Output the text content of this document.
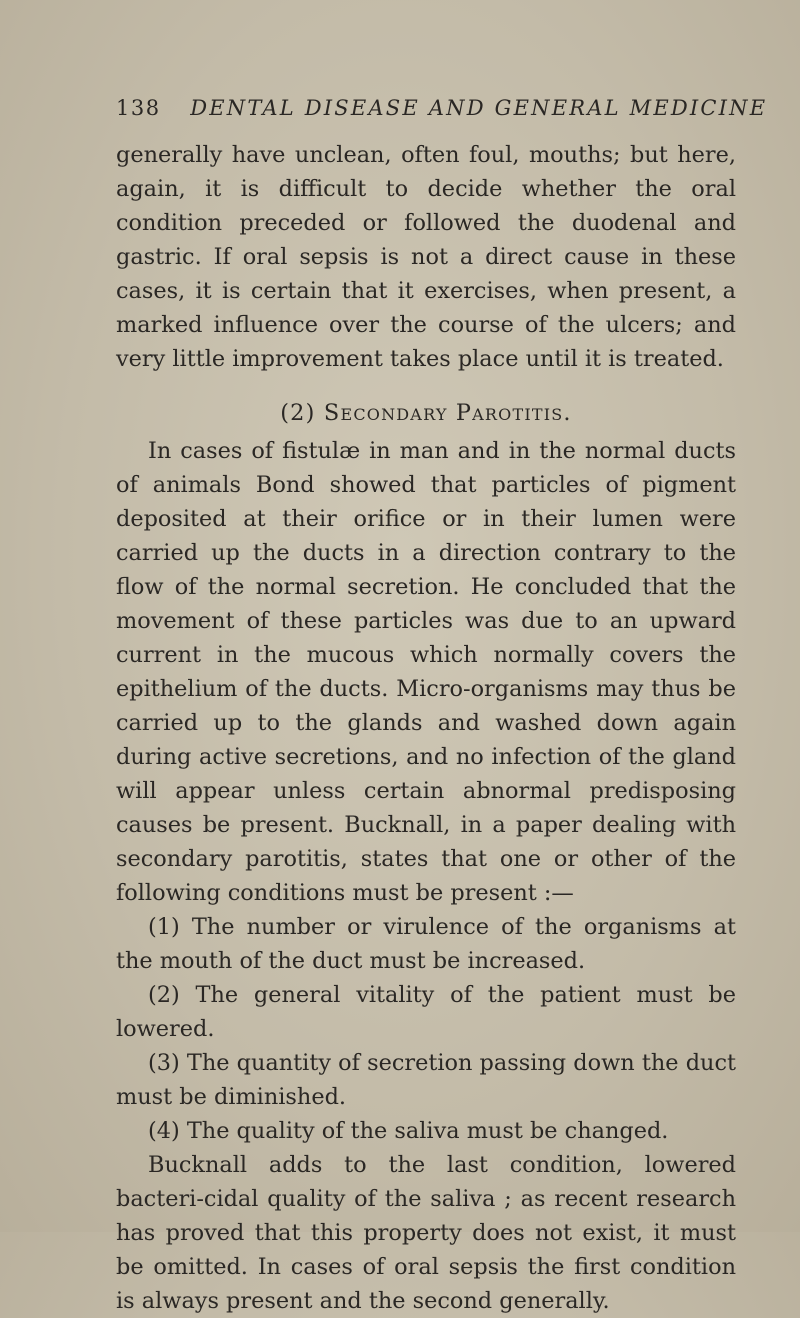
138 DENTAL DISEASE AND GENERAL MEDICINE

generally have unclean, often foul, mouths; but here, again, it is difficult to decide whether the oral condition preceded or followed the duodenal and gastric. If oral sepsis is not a direct cause in these cases, it is certain that it exercises, when present, a marked influence over the course of the ulcers; and very little improvement takes place until it is treated.

(2) Secondary Parotitis.

In cases of fistulæ in man and in the normal ducts of animals Bond showed that particles of pigment deposited at their orifice or in their lumen were carried up the ducts in a direction contrary to the flow of the normal secretion. He concluded that the movement of these particles was due to an upward current in the mucous which normally covers the epithelium of the ducts. Micro-organisms may thus be carried up to the glands and washed down again during active secretions, and no infection of the gland will appear unless certain abnormal predisposing causes be present. Bucknall, in a paper dealing with secondary parotitis, states that one or other of the following conditions must be present :—

(1) The number or virulence of the organisms at the mouth of the duct must be increased.

(2) The general vitality of the patient must be lowered.

(3) The quantity of secretion passing down the duct must be diminished.

(4) The quality of the saliva must be changed.

Bucknall adds to the last condition, lowered bacteri-cidal quality of the saliva ; as recent research has proved that this property does not exist, it must be omitted. In cases of oral sepsis the first condition is always present and the second generally.
